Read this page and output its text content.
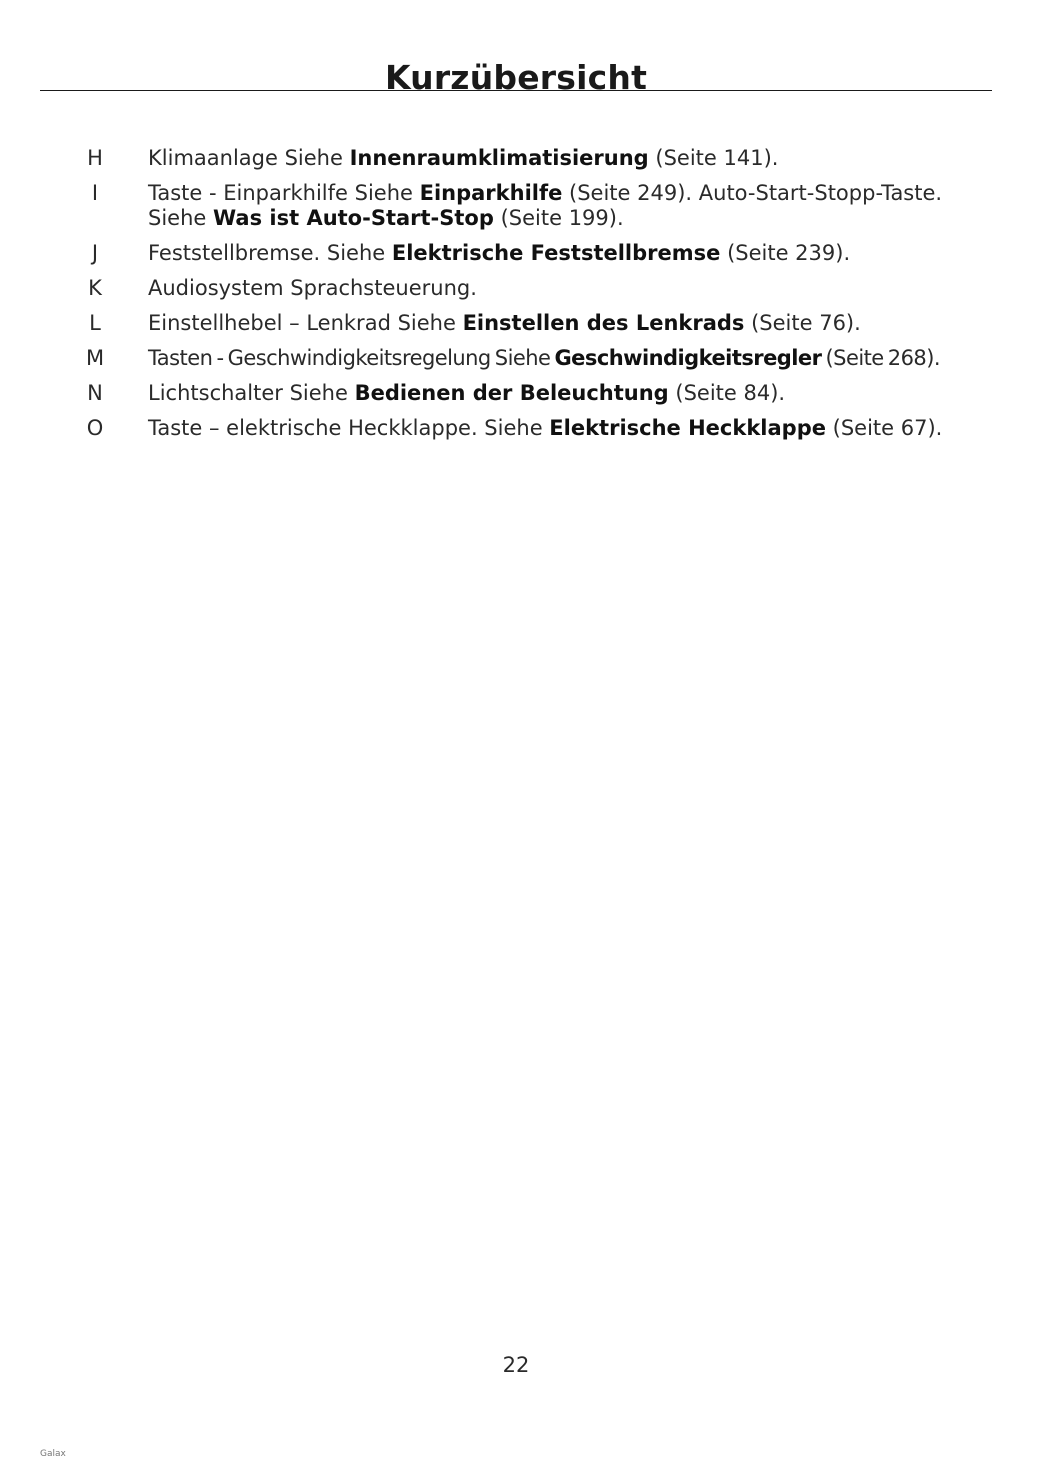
Kurzübersicht
H	Klimaanlage Siehe Innenraumklimatisierung (Seite 141).
I	Taste - Einparkhilfe Siehe Einparkhilfe (Seite 249). Auto-Start-Stopp-Taste.
Siehe Was ist Auto-Start-Stop (Seite 199).
J	Feststellbremse. Siehe Elektrische Feststellbremse (Seite 239).
K	Audiosystem Sprachsteuerung.
L	Einstellhebel – Lenkrad Siehe Einstellen des Lenkrads (Seite 76).
M	Tasten - Geschwindigkeitsregelung Siehe Geschwindigkeitsregler (Seite 268).
N	Lichtschalter Siehe Bedienen der Beleuchtung (Seite 84).
O	Taste – elektrische Heckklappe. Siehe Elektrische Heckklappe (Seite 67).
22
Galax
